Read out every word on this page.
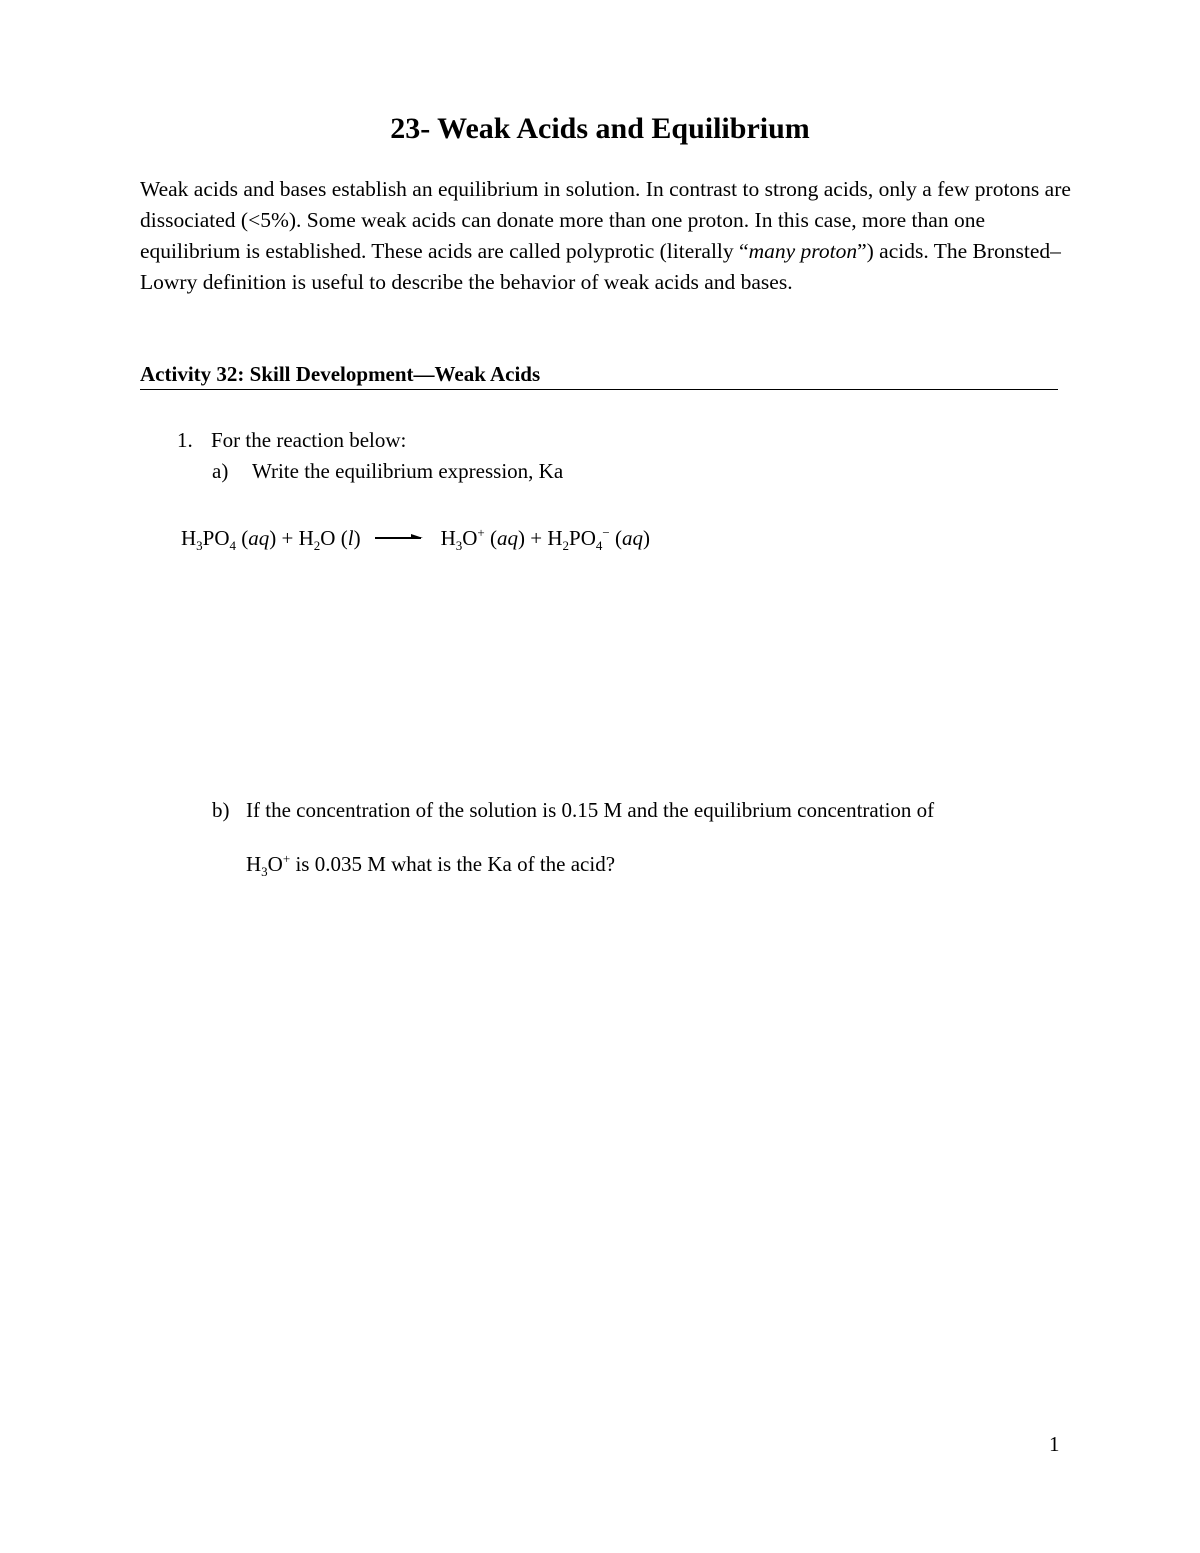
23- Weak Acids and Equilibrium

Weak acids and bases establish an equilibrium in solution. In contrast to strong acids, only a few protons are dissociated (<5%). Some weak acids can donate more than one proton. In this case, more than one equilibrium is established. These acids are called polyprotic (literally “many proton”) acids. The Bronsted–Lowry definition is useful to describe the behavior of weak acids and bases.

Activity 32: Skill Development—Weak Acids
1. For the reaction below:
a) Write the equilibrium expression, Ka
$H_3PO_4$ $(aq) + H_2O$ $(l) \to H_3O^+$ $(aq) + H_2PO_4^-$ (aq)
b) If the concentration of the solution is 0.15 M and the equilibrium concentration of
$H_3O^+$ is 0.035 M what is the Ka of the acid?
1
